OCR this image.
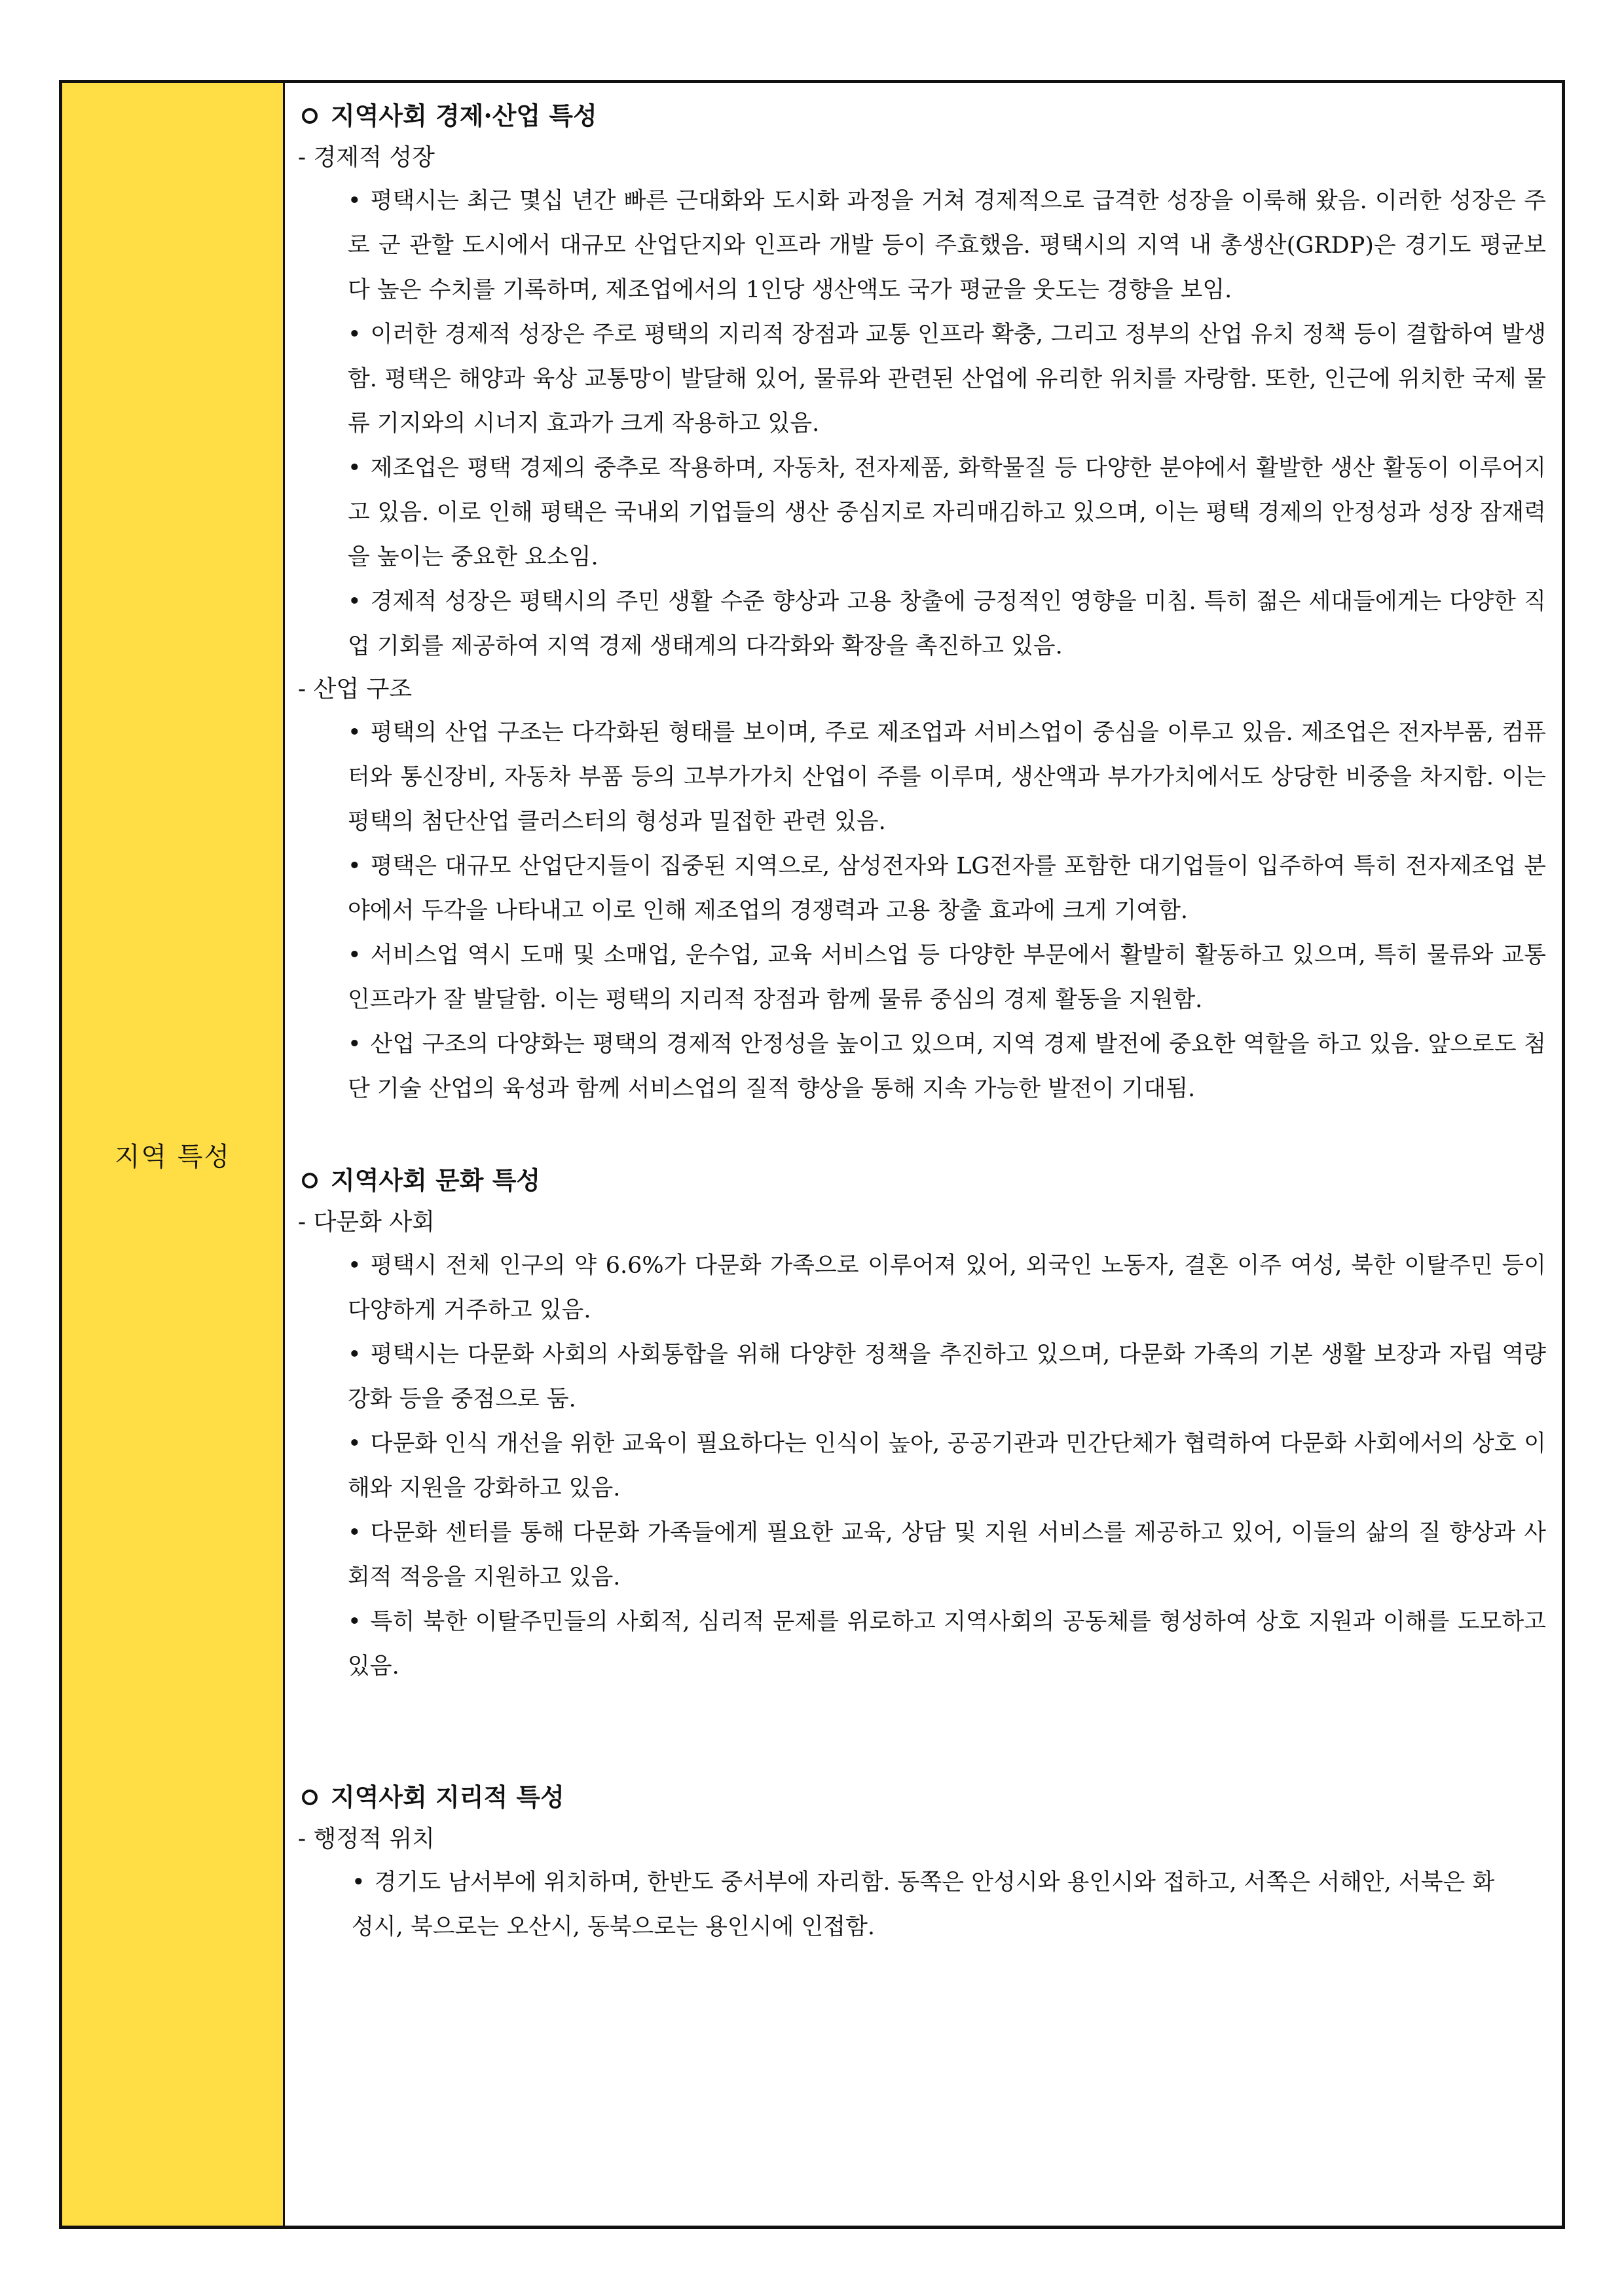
지역 특성
지역사회 경제·산업 특성
- 경제적 성장

• 평택시는 최근 몇십 년간 빠른 근대화와 도시화 과정을 거쳐 경제적으로 급격한 성장을 이룩해 왔음. 이러한 성장은 주로 군 관할 도시에서 대규모 산업단지와 인프라 개발 등이 주효했음. 평택시의 지역 내 총생산(GRDP)은 경기도 평균보다 높은 수치를 기록하며, 제조업에서의 1인당 생산액도 국가 평균을 웃도는 경향을 보임.

• 이러한 경제적 성장은 주로 평택의 지리적 장점과 교통 인프라 확충, 그리고 정부의 산업 유치 정책 등이 결합하여 발생함. 평택은 해양과 육상 교통망이 발달해 있어, 물류와 관련된 산업에 유리한 위치를 자랑함. 또한, 인근에 위치한 국제 물류 기지와의 시너지 효과가 크게 작용하고 있음.

• 제조업은 평택 경제의 중추로 작용하며, 자동차, 전자제품, 화학물질 등 다양한 분야에서 활발한 생산 활동이 이루어지고 있음. 이로 인해 평택은 국내외 기업들의 생산 중심지로 자리매김하고 있으며, 이는 평택 경제의 안정성과 성장 잠재력을 높이는 중요한 요소임.

• 경제적 성장은 평택시의 주민 생활 수준 향상과 고용 창출에 긍정적인 영향을 미침. 특히 젊은 세대들에게는 다양한 직업 기회를 제공하여 지역 경제 생태계의 다각화와 확장을 촉진하고 있음.

- 산업 구조

• 평택의 산업 구조는 다각화된 형태를 보이며, 주로 제조업과 서비스업이 중심을 이루고 있음. 제조업은 전자부품, 컴퓨터와 통신장비, 자동차 부품 등의 고부가가치 산업이 주를 이루며, 생산액과 부가가치에서도 상당한 비중을 차지함. 이는 평택의 첨단산업 클러스터의 형성과 밀접한 관련 있음.

• 평택은 대규모 산업단지들이 집중된 지역으로, 삼성전자와 LG전자를 포함한 대기업들이 입주하여 특히 전자제조업 분야에서 두각을 나타내고 이로 인해 제조업의 경쟁력과 고용 창출 효과에 크게 기여함.

• 서비스업 역시 도매 및 소매업, 운수업, 교육 서비스업 등 다양한 부문에서 활발히 활동하고 있으며, 특히 물류와 교통 인프라가 잘 발달함. 이는 평택의 지리적 장점과 함께 물류 중심의 경제 활동을 지원함.

• 산업 구조의 다양화는 평택의 경제적 안정성을 높이고 있으며, 지역 경제 발전에 중요한 역할을 하고 있음. 앞으로도 첨단 기술 산업의 육성과 함께 서비스업의 질적 향상을 통해 지속 가능한 발전이 기대됨.

지역사회 문화 특성
- 다문화 사회

• 평택시 전체 인구의 약 6.6%가 다문화 가족으로 이루어져 있어, 외국인 노동자, 결혼 이주 여성, 북한 이탈주민 등이 다양하게 거주하고 있음.

• 평택시는 다문화 사회의 사회통합을 위해 다양한 정책을 추진하고 있으며, 다문화 가족의 기본 생활 보장과 자립 역량 강화 등을 중점으로 둠.

• 다문화 인식 개선을 위한 교육이 필요하다는 인식이 높아, 공공기관과 민간단체가 협력하여 다문화 사회에서의 상호 이해와 지원을 강화하고 있음.

• 다문화 센터를 통해 다문화 가족들에게 필요한 교육, 상담 및 지원 서비스를 제공하고 있어, 이들의 삶의 질 향상과 사회적 적응을 지원하고 있음.

• 특히 북한 이탈주민들의 사회적, 심리적 문제를 위로하고 지역사회의 공동체를 형성하여 상호 지원과 이해를 도모하고 있음.

지역사회 지리적 특성
- 행정적 위치

• 경기도 남서부에 위치하며, 한반도 중서부에 자리함. 동쪽은 안성시와 용인시와 접하고, 서쪽은 서해안, 서북은 화성시, 북으로는 오산시, 동북으로는 용인시에 인접함.
